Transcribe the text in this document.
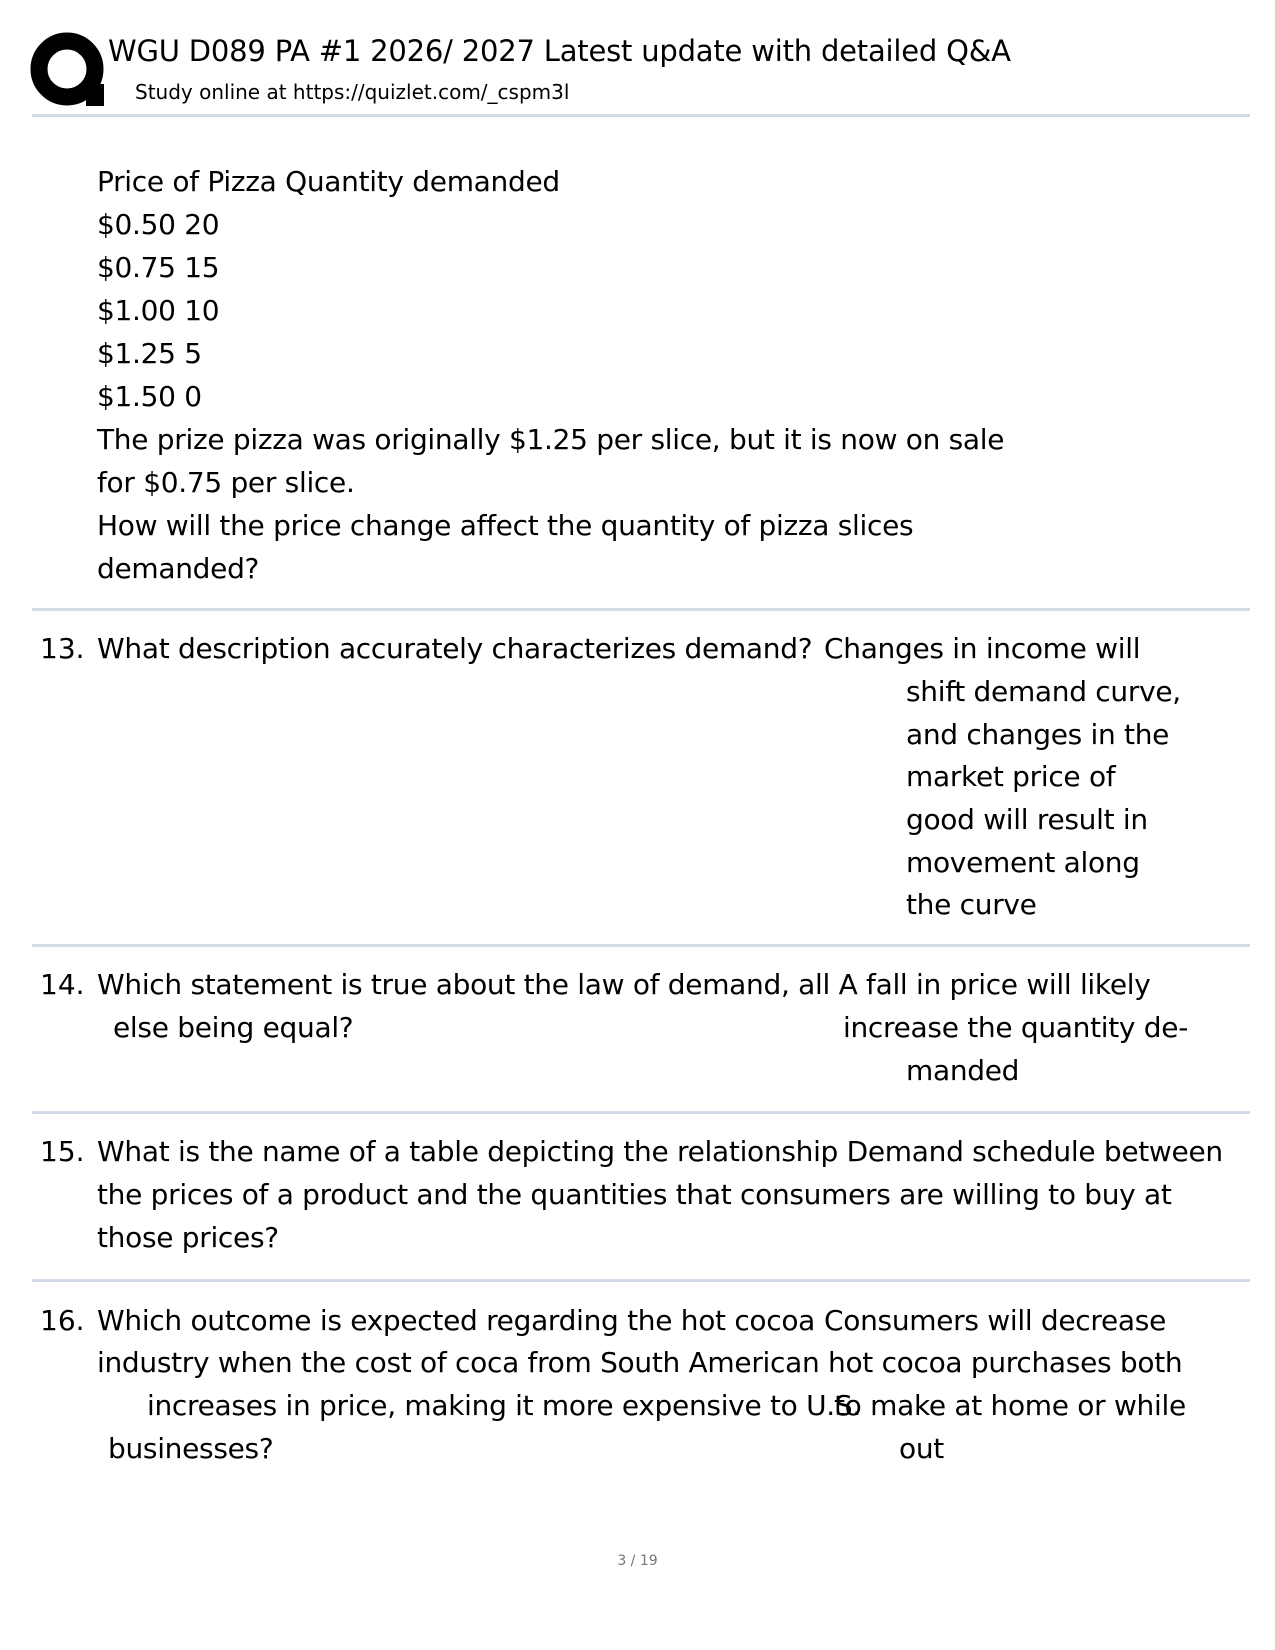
WGU D089 PA #1 2026/ 2027 Latest update with detailed Q&A
Study online at https://quizlet.com/_cspm3l
Price of Pizza Quantity demanded
$0.50 20
$0.75 15
$1.00 10
$1.25 5
$1.50 0
The prize pizza was originally $1.25 per slice, but it is now on sale
for $0.75 per slice.
How will the price change affect the quantity of pizza slices
demanded?
13. What description accurately characterizes demand? Changes in income will
shift demand curve,
and changes in the
market price of
good will result in
movement along
the curve
14. Which statement is true about the law of demand, all A fall in price will likely
else being equal?	increase the quantity de-
manded
15. What is the name of a table depicting the relationship Demand schedule between
the prices of a product and the quantities that consumers are willing to buy at
those prices?
16. Which outcome is expected regarding the hot cocoa Consumers will decrease
industry when the cost of coca from South American hot cocoa purchases both
increases in price, making it more expensive to U.S.
to make at home or while
businesses?	out
3 / 19
